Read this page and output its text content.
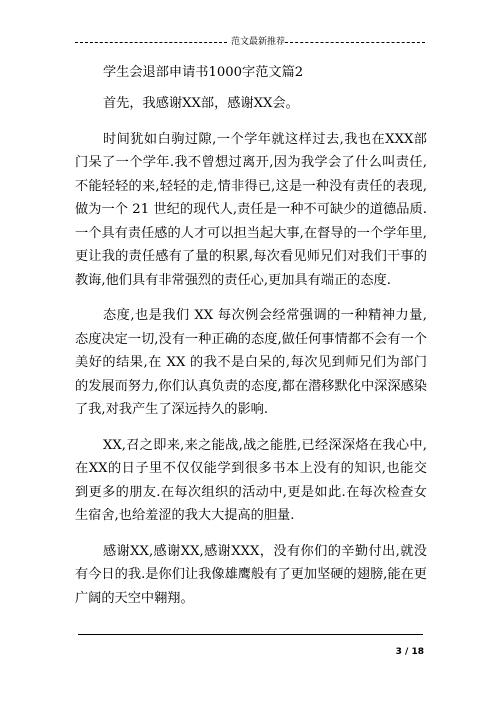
范文最新推荐

学生会退部申请书1000字范文篇2

首先，我感谢XX部，感谢XX会。

时间犹如白驹过隙,一个学年就这样过去,我也在XXX部门呆了一个学年.我不曾想过离开,因为我学会了什么叫责任,不能轻轻的来,轻轻的走,情非得已,这是一种没有责任的表现,做为一个 21 世纪的现代人,责任是一种不可缺少的道德品质.一个具有责任感的人才可以担当起大事,在督导的一个学年里,更让我的责任感有了量的积累,每次看见师兄们对我们干事的教诲,他们具有非常强烈的责任心,更加具有端正的态度.

态度,也是我们 XX 每次例会经常强调的一种精神力量,态度决定一切,没有一种正确的态度,做任何事情都不会有一个美好的结果,在 XX 的我不是白呆的,每次见到师兄们为部门的发展而努力,你们认真负责的态度,都在潜移默化中深深感染了我,对我产生了深远持久的影响.

XX,召之即来,来之能战,战之能胜,已经深深烙在我心中,在XX的日子里不仅仅能学到很多书本上没有的知识,也能交到更多的朋友.在每次组织的活动中,更是如此.在每次检查女生宿舍,也给羞涩的我大大提高的胆量.

感谢XX,感谢XX,感谢XXX，没有你们的辛勤付出,就没有今日的我.是你们让我像雄鹰般有了更加坚硬的翅膀,能在更广阔的天空中翱翔。

3 / 18
